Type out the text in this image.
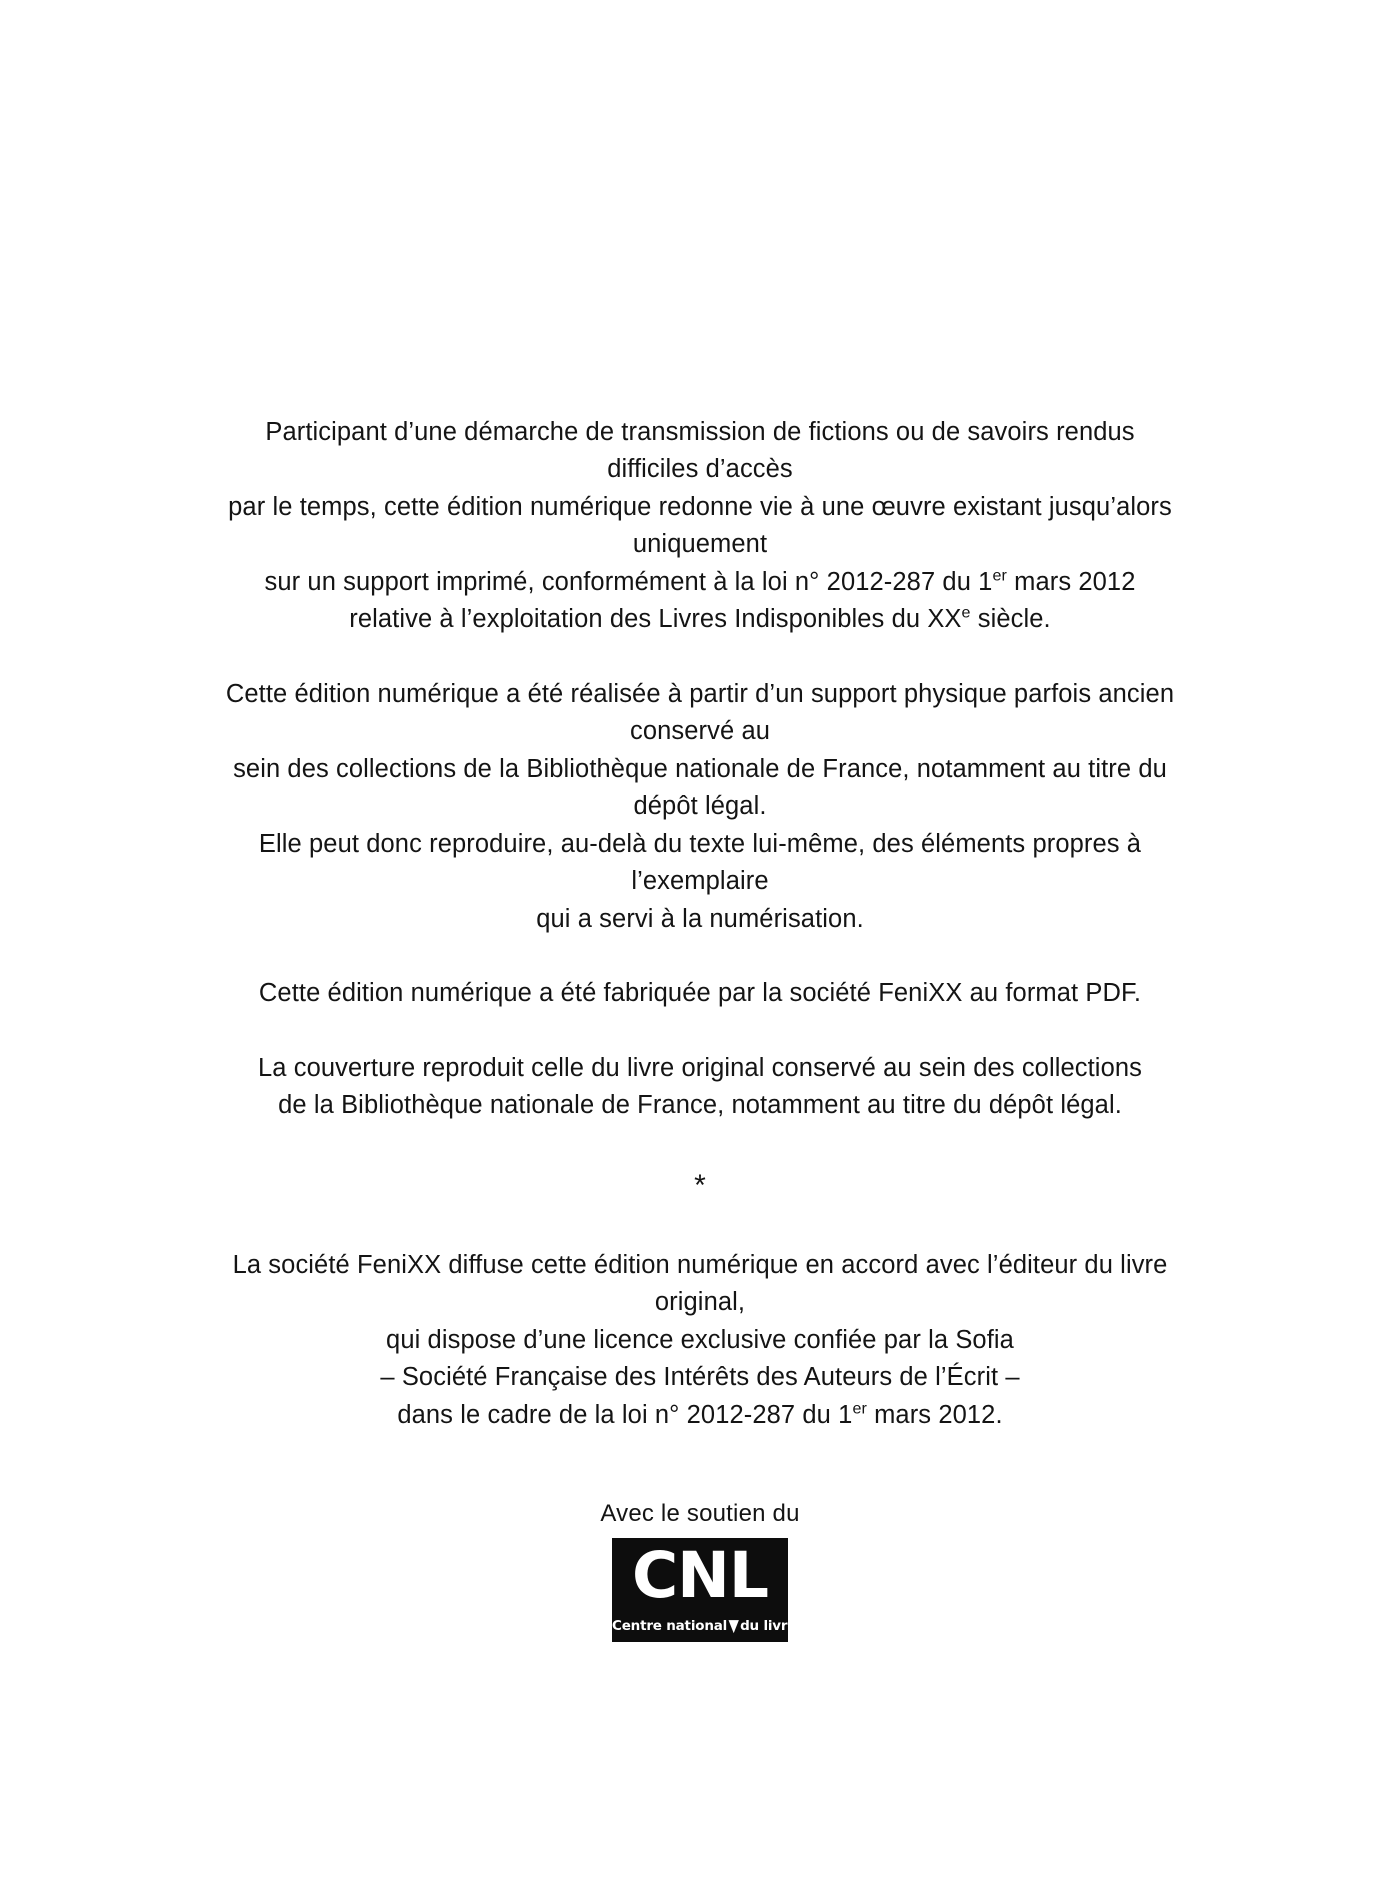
Participant d’une démarche de transmission de fictions ou de savoirs rendus difficiles d’accès
par le temps, cette édition numérique redonne vie à une œuvre existant jusqu’alors uniquement
sur un support imprimé, conformément à la loi n° 2012-287 du 1er mars 2012
relative à l’exploitation des Livres Indisponibles du XXe siècle.
Cette édition numérique a été réalisée à partir d’un support physique parfois ancien conservé au
sein des collections de la Bibliothèque nationale de France, notamment au titre du dépôt légal.
Elle peut donc reproduire, au-delà du texte lui-même, des éléments propres à l’exemplaire
qui a servi à la numérisation.
Cette édition numérique a été fabriquée par la société FeniXX au format PDF.
La couverture reproduit celle du livre original conservé au sein des collections
de la Bibliothèque nationale de France, notamment au titre du dépôt légal.
*
La société FeniXX diffuse cette édition numérique en accord avec l’éditeur du livre original,
qui dispose d’une licence exclusive confiée par la Sofia
– Société Française des Intérêts des Auteurs de l’Écrit –
dans le cadre de la loi n° 2012-287 du 1er mars 2012.
Avec le soutien du
CNL
Centre national▼du livre
